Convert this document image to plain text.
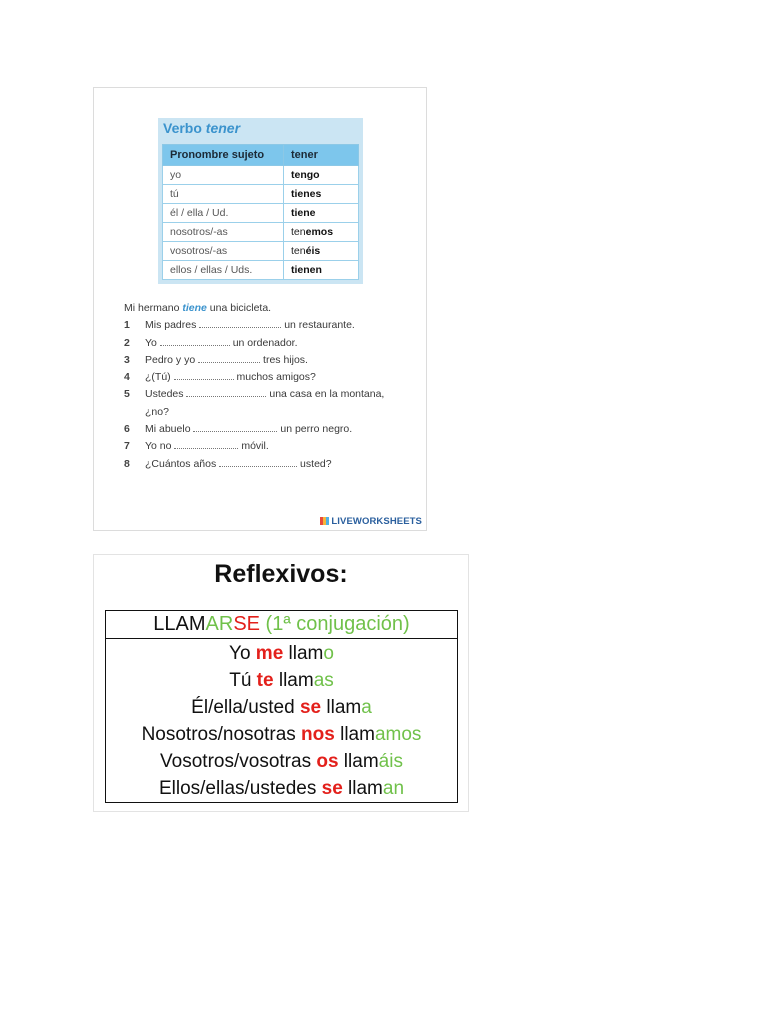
Verbo tener
Pronombre sujeto	tener
yo	tengo
tú	tienes
él / ella / Ud.	tiene
nosotros/-as	tenemos
vosotros/-as	tenéis
ellos / ellas / Uds.	tienen
Mi hermano tiene una bicicleta.
1	Mis padres	un restaurante.
2	Yo	un ordenador.
3	Pedro y yo	tres hijos.
4	¿(Tú)	muchos amigos?
5	Ustedes	una casa en la montana,
¿no?
6	Mi abuelo	un perro negro.
7	Yo no	móvil.
8	¿Cuántos años	usted?
LIVEWORKSHEETS
Reflexivos:
LLAMARSE (1ª conjugación)
Yo me llamo
Tú te llamas
Él/ella/usted se llama
Nosotros/nosotras nos llamamos
Vosotros/vosotras os llamáis
Ellos/ellas/ustedes se llaman
